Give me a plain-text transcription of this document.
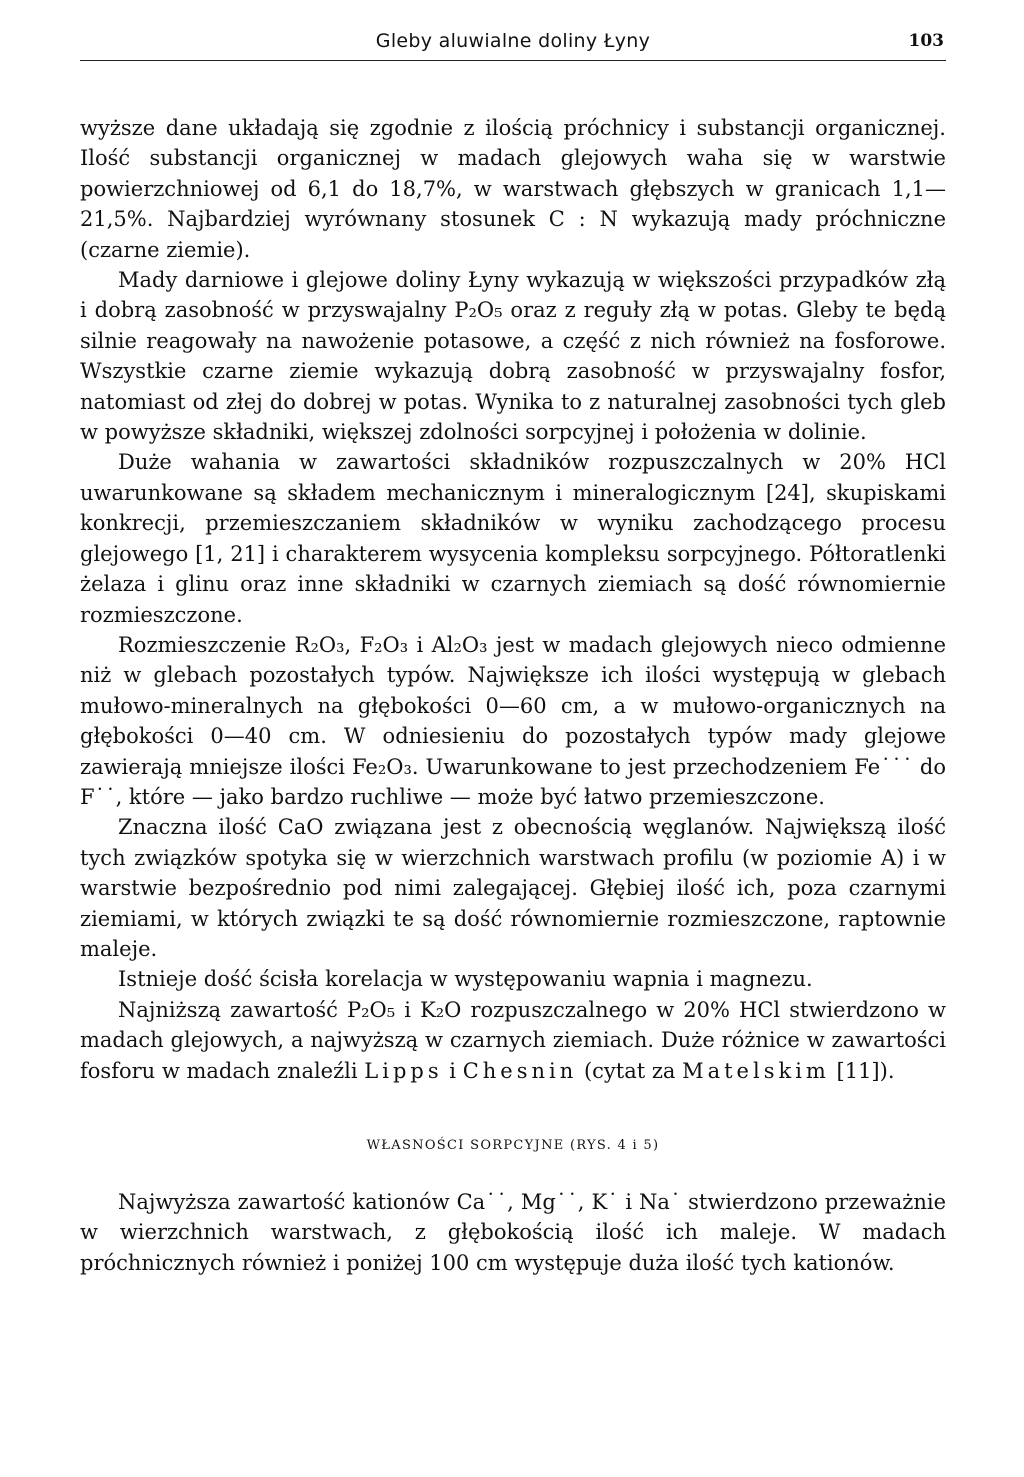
Gleby aluwialne doliny Łyny	103

wyższe dane układają się zgodnie z ilością próchnicy i substancji organicznej. Ilość substancji organicznej w madach glejowych waha się w warstwie powierzchniowej od 6,1 do 18,7%, w warstwach głębszych w granicach 1,1—21,5%. Najbardziej wyrównany stosunek C : N wykazują mady próchniczne (czarne ziemie).

Mady darniowe i glejowe doliny Łyny wykazują w większości przypadków złą i dobrą zasobność w przyswajalny P₂O₅ oraz z reguły złą w potas. Gleby te będą silnie reagowały na nawożenie potasowe, a część z nich również na fosforowe. Wszystkie czarne ziemie wykazują dobrą zasobność w przyswajalny fosfor, natomiast od złej do dobrej w potas. Wynika to z naturalnej zasobności tych gleb w powyższe składniki, większej zdolności sorpcyjnej i położenia w dolinie.

Duże wahania w zawartości składników rozpuszczalnych w 20% HCl uwarunkowane są składem mechanicznym i mineralogicznym [24], skupiskami konkrecji, przemieszczaniem składników w wyniku zachodzącego procesu glejowego [1, 21] i charakterem wysycenia kompleksu sorpcyjnego. Półtoratlenki żelaza i glinu oraz inne składniki w czarnych ziemiach są dość równomiernie rozmieszczone.

Rozmieszczenie R₂O₃, F₂O₃ i Al₂O₃ jest w madach glejowych nieco odmienne niż w glebach pozostałych typów. Największe ich ilości występują w glebach mułowo-mineralnych na głębokości 0—60 cm, a w mułowo-organicznych na głębokości 0—40 cm. W odniesieniu do pozostałych typów mady glejowe zawierają mniejsze ilości Fe₂O₃. Uwarunkowane to jest przechodzeniem Fe˙˙˙ do F˙˙, które — jako bardzo ruchliwe — może być łatwo przemieszczone.

Znaczna ilość CaO związana jest z obecnością węglanów. Największą ilość tych związków spotyka się w wierzchnich warstwach profilu (w poziomie A) i w warstwie bezpośrednio pod nimi zalegającej. Głębiej ilość ich, poza czarnymi ziemiami, w których związki te są dość równomiernie rozmieszczone, raptownie maleje.

Istnieje dość ścisła korelacja w występowaniu wapnia i magnezu.

Najniższą zawartość P₂O₅ i K₂O rozpuszczalnego w 20% HCl stwierdzono w madach glejowych, a najwyższą w czarnych ziemiach. Duże różnice w zawartości fosforu w madach znaleźli Lipps i Chesnin (cytat za Matelskim [11]).

WŁASNOŚCI SORPCYJNE (RYS. 4 i 5)

Najwyższa zawartość kationów Ca˙˙, Mg˙˙, K˙ i Na˙ stwierdzono przeważnie w wierzchnich warstwach, z głębokością ilość ich maleje. W madach próchnicznych również i poniżej 100 cm występuje duża ilość tych kationów.
